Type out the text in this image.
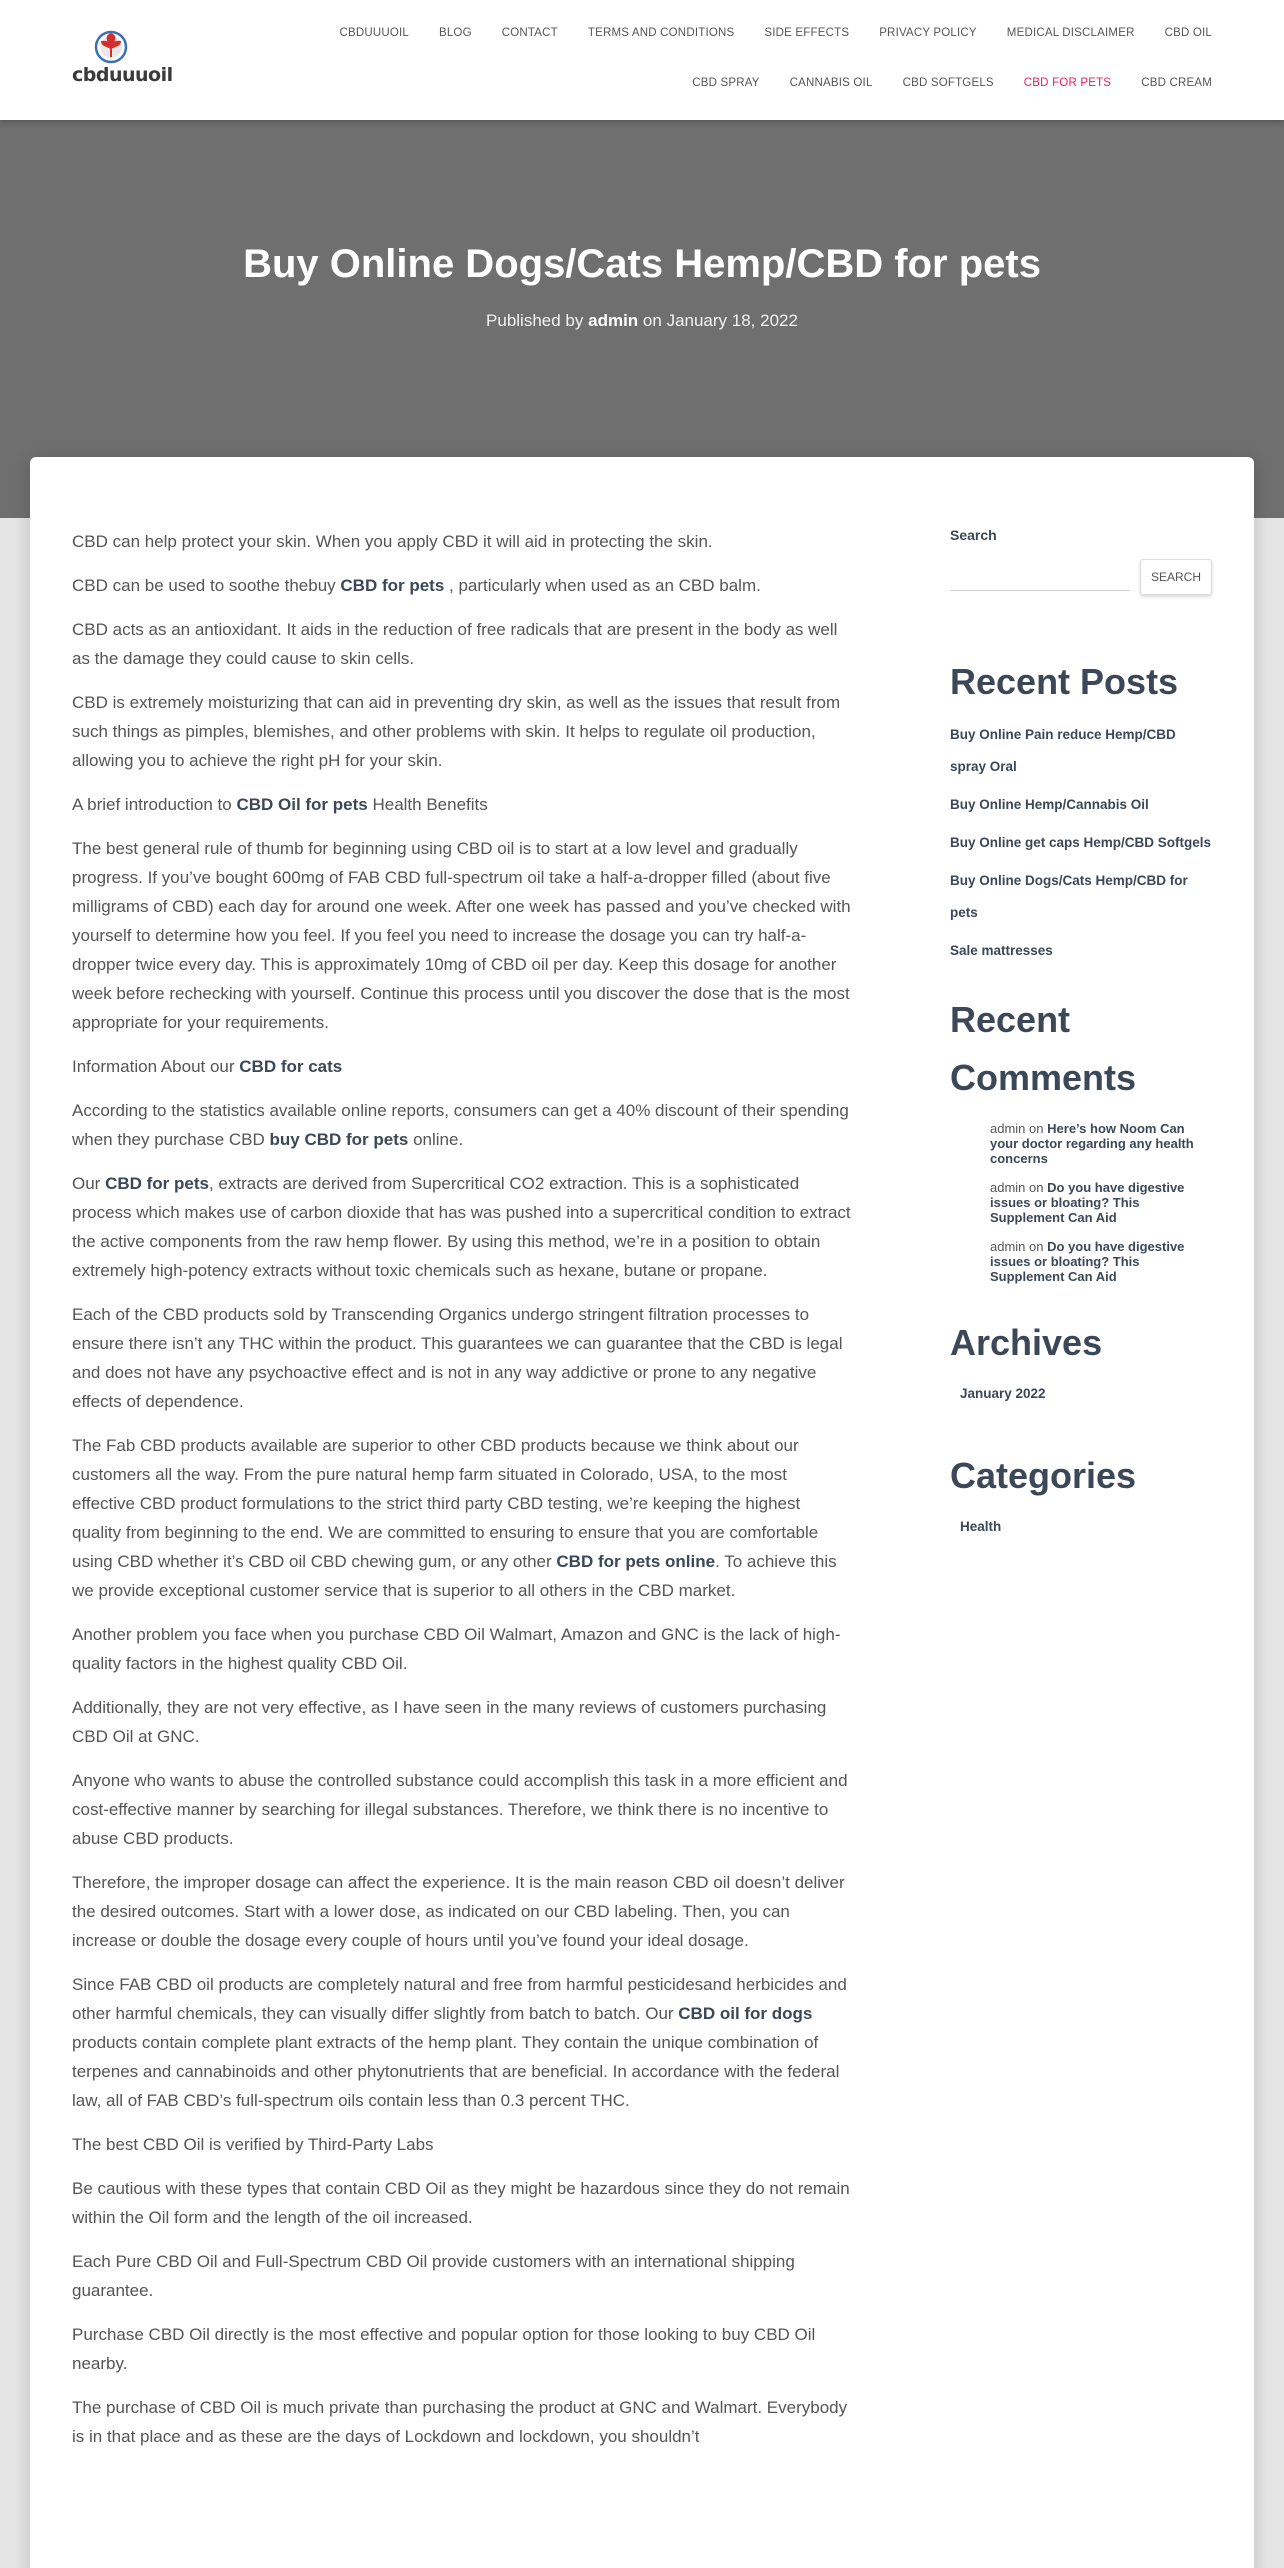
cbduuuoil
CBDUUUOIL	BLOG	CONTACT	TERMS AND CONDITIONS	SIDE EFFECTS	PRIVACY POLICY	MEDICAL DISCLAIMER	CBD OIL
CBD SPRAY	CANNABIS OIL	CBD SOFTGELS	CBD FOR PETS	CBD CREAM
Buy Online Dogs/Cats Hemp/CBD for pets
Published by admin on January 18, 2022

CBD can help protect your skin. When you apply CBD it will aid in protecting the skin.

CBD can be used to soothe thebuy CBD for pets , particularly when used as an CBD balm.

CBD acts as an antioxidant. It aids in the reduction of free radicals that are present in the body as well as the damage they could cause to skin cells.

CBD is extremely moisturizing that can aid in preventing dry skin, as well as the issues that result from such things as pimples, blemishes, and other problems with skin. It helps to regulate oil production, allowing you to achieve the right pH for your skin.

A brief introduction to CBD Oil for pets Health Benefits

The best general rule of thumb for beginning using CBD oil is to start at a low level and gradually progress. If you’ve bought 600mg of FAB CBD full-spectrum oil take a half-a-dropper filled (about five milligrams of CBD) each day for around one week. After one week has passed and you’ve checked with yourself to determine how you feel. If you feel you need to increase the dosage you can try half-a-dropper twice every day. This is approximately 10mg of CBD oil per day. Keep this dosage for another week before rechecking with yourself. Continue this process until you discover the dose that is the most appropriate for your requirements.

Information About our CBD for cats

According to the statistics available online reports, consumers can get a 40% discount of their spending when they purchase CBD buy CBD for pets online.

Our CBD for pets, extracts are derived from Supercritical CO2 extraction. This is a sophisticated process which makes use of carbon dioxide that has was pushed into a supercritical condition to extract the active components from the raw hemp flower. By using this method, we’re in a position to obtain extremely high-potency extracts without toxic chemicals such as hexane, butane or propane.

Each of the CBD products sold by Transcending Organics undergo stringent filtration processes to ensure there isn’t any THC within the product. This guarantees we can guarantee that the CBD is legal and does not have any psychoactive effect and is not in any way addictive or prone to any negative effects of dependence.

The Fab CBD products available are superior to other CBD products because we think about our customers all the way. From the pure natural hemp farm situated in Colorado, USA, to the most effective CBD product formulations to the strict third party CBD testing, we’re keeping the highest quality from beginning to the end. We are committed to ensuring to ensure that you are comfortable using CBD whether it’s CBD oil CBD chewing gum, or any other CBD for pets online. To achieve this we provide exceptional customer service that is superior to all others in the CBD market.

Another problem you face when you purchase CBD Oil Walmart, Amazon and GNC is the lack of high-quality factors in the highest quality CBD Oil.

Additionally, they are not very effective, as I have seen in the many reviews of customers purchasing CBD Oil at GNC.

Anyone who wants to abuse the controlled substance could accomplish this task in a more efficient and cost-effective manner by searching for illegal substances. Therefore, we think there is no incentive to abuse CBD products.

Therefore, the improper dosage can affect the experience. It is the main reason CBD oil doesn’t deliver the desired outcomes. Start with a lower dose, as indicated on our CBD labeling. Then, you can increase or double the dosage every couple of hours until you’ve found your ideal dosage.

Since FAB CBD oil products are completely natural and free from harmful pesticidesand herbicides and other harmful chemicals, they can visually differ slightly from batch to batch. Our CBD oil for dogs products contain complete plant extracts of the hemp plant. They contain the unique combination of terpenes and cannabinoids and other phytonutrients that are beneficial. In accordance with the federal law, all of FAB CBD’s full-spectrum oils contain less than 0.3 percent THC.

The best CBD Oil is verified by Third-Party Labs

Be cautious with these types that contain CBD Oil as they might be hazardous since they do not remain within the Oil form and the length of the oil increased.

Each Pure CBD Oil and Full-Spectrum CBD Oil provide customers with an international shipping guarantee.

Purchase CBD Oil directly is the most effective and popular option for those looking to buy CBD Oil nearby.

The purchase of CBD Oil is much private than purchasing the product at GNC and Walmart. Everybody is in that place and as these are the days of Lockdown and lockdown, you shouldn’t

Search
SEARCH
Recent Posts
Buy Online Pain reduce Hemp/CBD spray Oral
Buy Online Hemp/Cannabis Oil
Buy Online get caps Hemp/CBD Softgels
Buy Online Dogs/Cats Hemp/CBD for pets
Sale mattresses
Recent Comments
admin on Here’s how Noom Can your doctor regarding any health concerns
admin on Do you have digestive issues or bloating? This Supplement Can Aid
admin on Do you have digestive issues or bloating? This Supplement Can Aid
Archives
January 2022
Categories
Health
